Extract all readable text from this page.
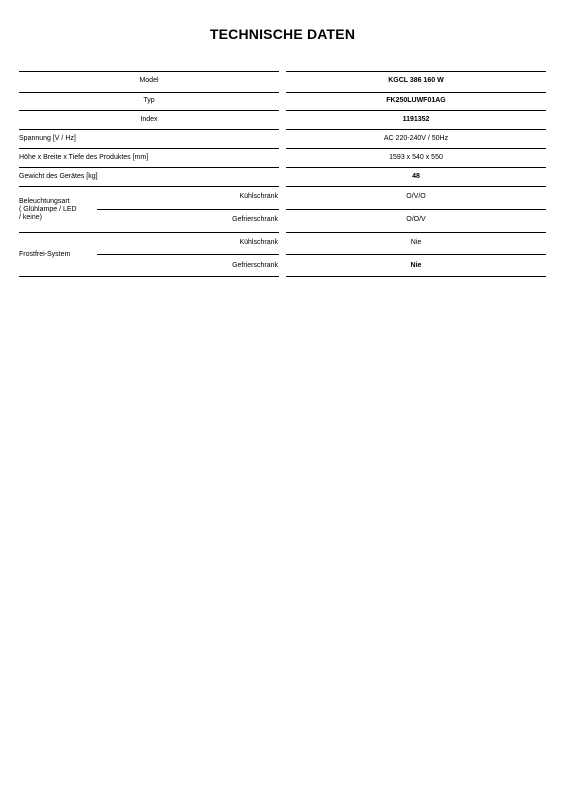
TECHNISCHE DATEN
Model	KGCL 386 160 W
Typ	FK250LUWF01AG
Index	1191352
Spannung [V / Hz]	AC 220-240V / 50Hz
Höhe x Breite x Tiefe des Produktes [mm]	1593 x 540 x 550
Gewicht des Gerätes [kg]	48
Beleuchtungsart
( Glühlampe / LED
/ keine)
Kühlschrank	O/V/O
Gefrierschrank	O/O/V
Frostfrei-System
Kühlschrank	Nie
Gefrierschrank	Nie
